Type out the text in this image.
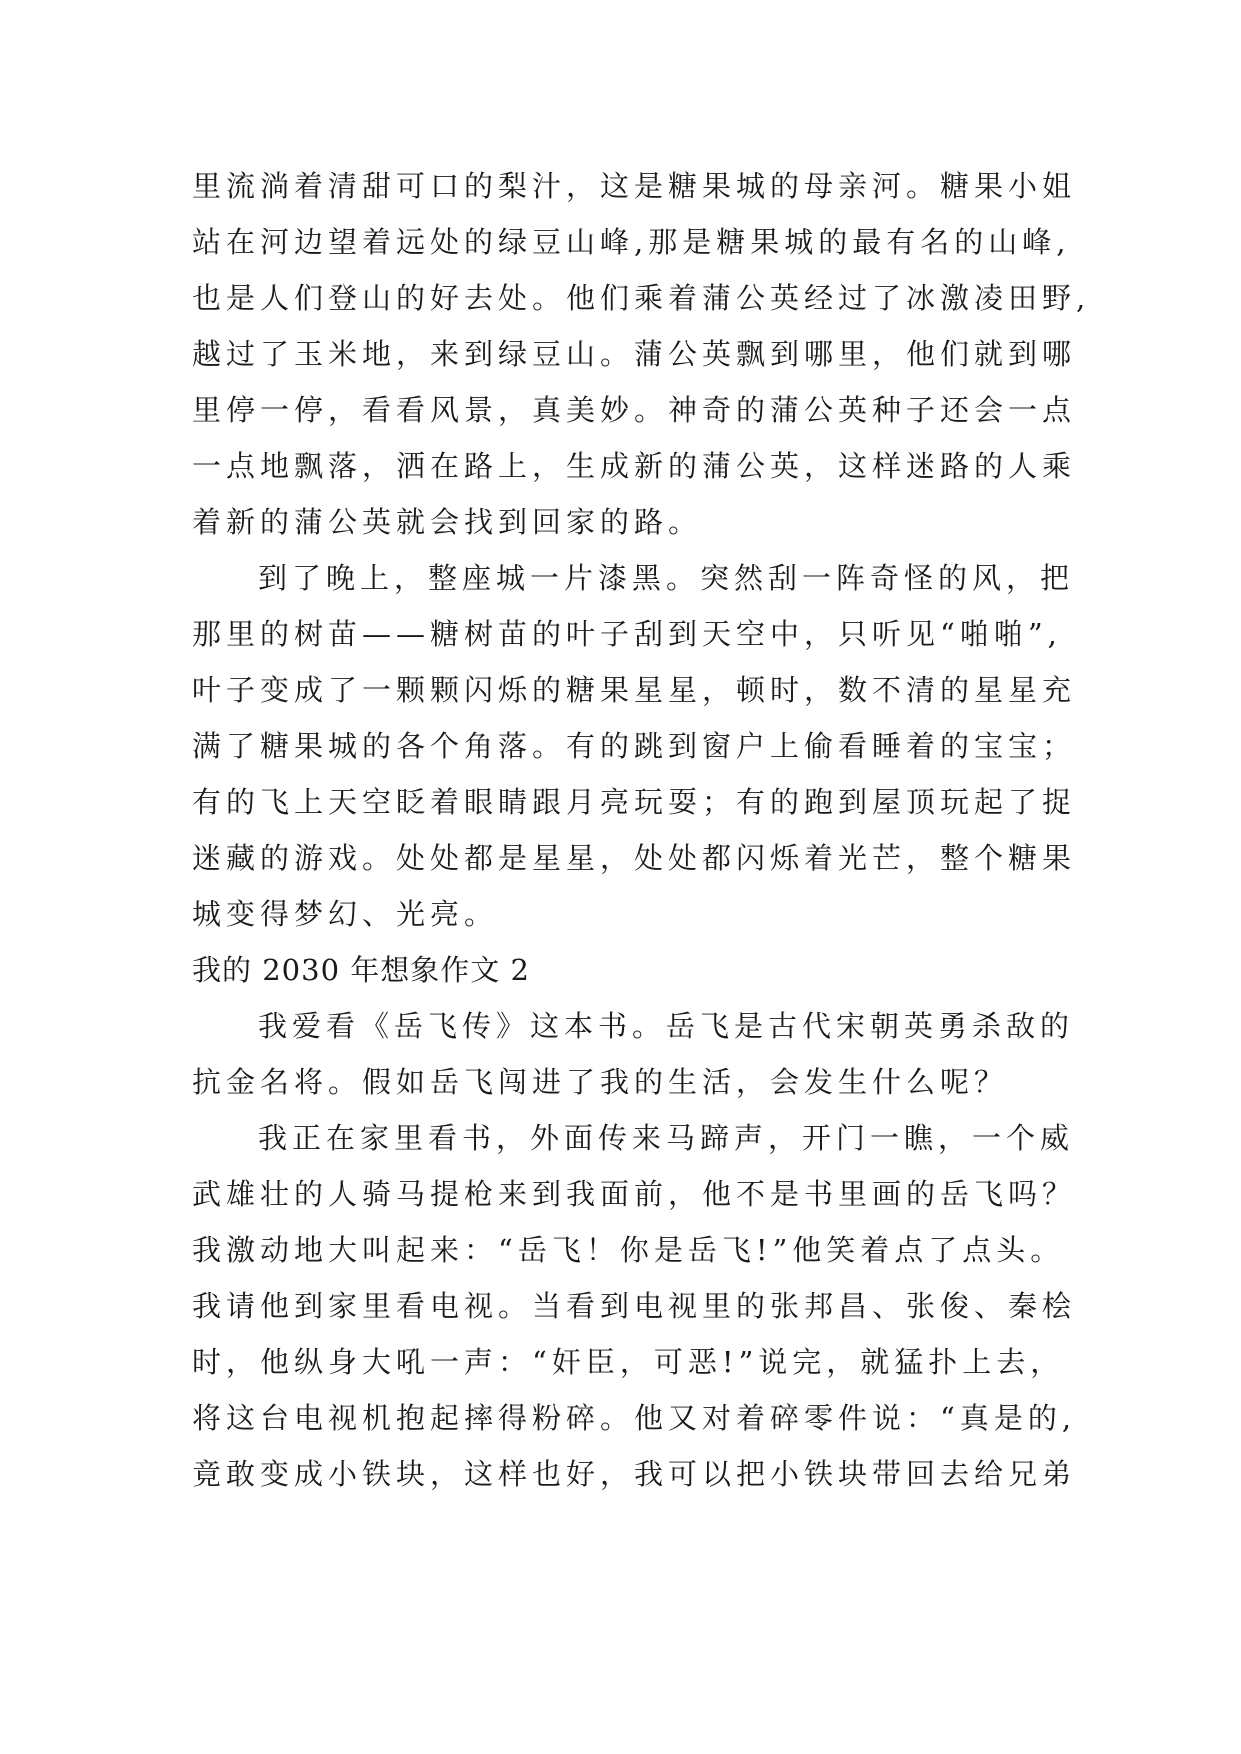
里流淌着清甜可口的梨汁，这是糖果城的母亲河。糖果小姐
站在河边望着远处的绿豆山峰,那是糖果城的最有名的山峰,
也是人们登山的好去处。他们乘着蒲公英经过了冰激凌田野,
越过了玉米地，来到绿豆山。蒲公英飘到哪里，他们就到哪
里停一停，看看风景，真美妙。神奇的蒲公英种子还会一点
一点地飘落，洒在路上，生成新的蒲公英，这样迷路的人乘
着新的蒲公英就会找到回家的路。
到了晚上，整座城一片漆黑。突然刮一阵奇怪的风，把
那里的树苗——糖树苗的叶子刮到天空中，只听见“啪啪”,
叶子变成了一颗颗闪烁的糖果星星，顿时，数不清的星星充
满了糖果城的各个角落。有的跳到窗户上偷看睡着的宝宝；
有的飞上天空眨着眼睛跟月亮玩耍；有的跑到屋顶玩起了捉
迷藏的游戏。处处都是星星，处处都闪烁着光芒，整个糖果
城变得梦幻、光亮。
我的 2030 年想象作文 2
我爱看《岳飞传》这本书。岳飞是古代宋朝英勇杀敌的
抗金名将。假如岳飞闯进了我的生活，会发生什么呢？
我正在家里看书，外面传来马蹄声，开门一瞧，一个威
武雄壮的人骑马提枪来到我面前，他不是书里画的岳飞吗？
我激动地大叫起来：“岳飞！你是岳飞!”他笑着点了点头。
我请他到家里看电视。当看到电视里的张邦昌、张俊、秦桧
时，他纵身大吼一声：“奸臣，可恶!”说完，就猛扑上去，
将这台电视机抱起摔得粉碎。他又对着碎零件说：“真是的,
竟敢变成小铁块，这样也好，我可以把小铁块带回去给兄弟
